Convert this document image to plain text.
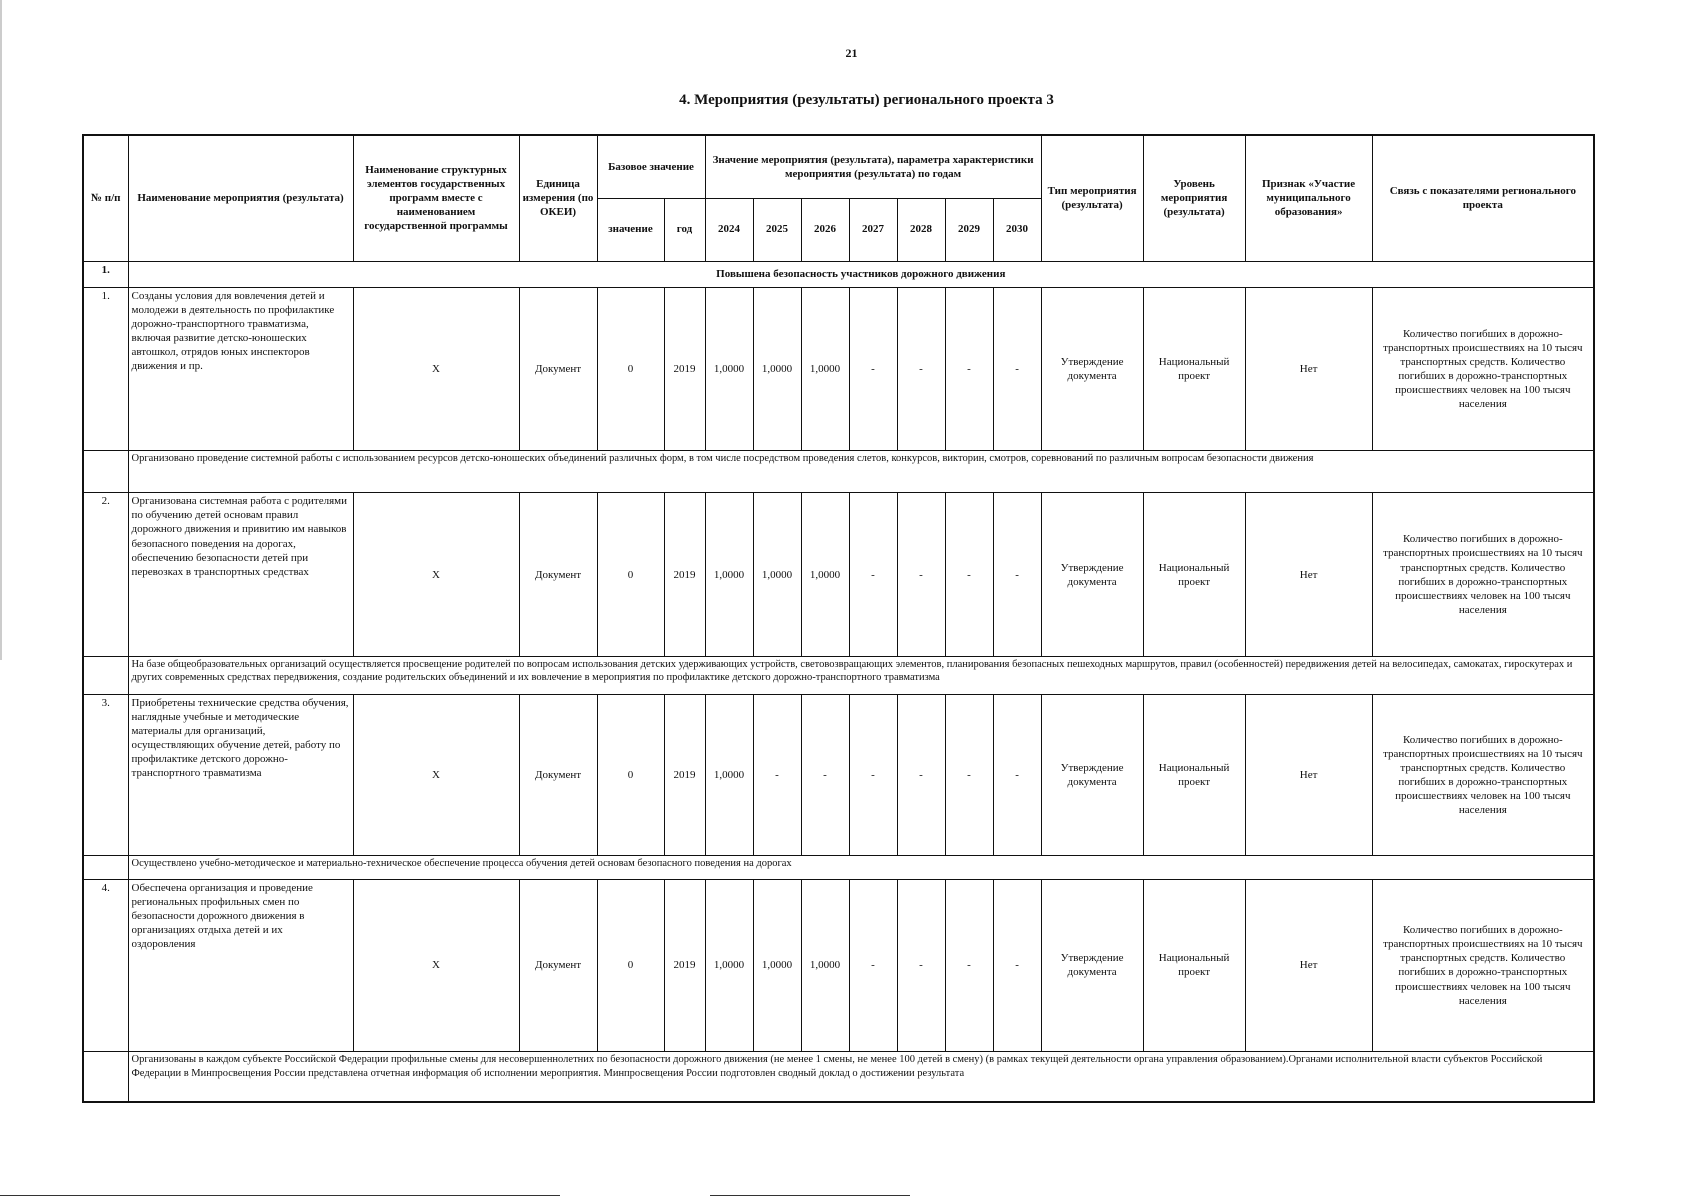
21
4. Мероприятия (результаты) регионального проекта 3
№ п/п	Наименование мероприятия (результата)	Наименование структурных элементов государственных программ вместе с наименованием государственной программы	Единица измерения (по ОКЕИ)	Базовое значение		Значение мероприятия (результата), параметра характеристики мероприятия (результата) по годам							Тип мероприятия (результата)	Уровень мероприятия (результата)	Признак «Участие муниципального образования»	Связь с показателями регионального проекта
				значение	год	2024	2025	2026	2027	2028	2029	2030				
1.	Повышена безопасность участников дорожного движения															
1.	Созданы условия для вовлечения детей и молодежи в деятельность по профилактике дорожно-транспортного травматизма, включая развитие детско-юношеских автошкол, отрядов юных инспекторов движения и пр.	X	Документ	0	2019	1,0000	1,0000	1,0000	-	-	-	-	Утверждение документа	Национальный проект	Нет	Количество погибших в дорожно-транспортных происшествиях на 10 тысяч транспортных средств. Количество погибших в дорожно-транспортных происшествиях человек на 100 тысяч населения
	Организовано проведение системной работы с использованием ресурсов детско-юношеских объединений различных форм, в том числе посредством проведения слетов, конкурсов, викторин, смотров, соревнований по различным вопросам безопасности движения															
2.	Организована системная работа с родителями по обучению детей основам правил дорожного движения и привитию им навыков безопасного поведения на дорогах, обеспечению безопасности детей при перевозках в транспортных средствах	X	Документ	0	2019	1,0000	1,0000	1,0000	-	-	-	-	Утверждение документа	Национальный проект	Нет	Количество погибших в дорожно-транспортных происшествиях на 10 тысяч транспортных средств. Количество погибших в дорожно-транспортных происшествиях человек на 100 тысяч населения
	На базе общеобразовательных организаций осуществляется просвещение родителей по вопросам использования детских удерживающих устройств, световозвращающих элементов, планирования безопасных пешеходных маршрутов, правил (особенностей) передвижения детей на велосипедах, самокатах, гироскутерах и других современных средствах передвижения, создание родительских объединений и их вовлечение в мероприятия по профилактике детского дорожно-транспортного травматизма															
3.	Приобретены технические средства обучения, наглядные учебные и методические материалы для организаций, осуществляющих обучение детей, работу по профилактике детского дорожно-транспортного травматизма	X	Документ	0	2019	1,0000	-	-	-	-	-	-	Утверждение документа	Национальный проект	Нет	Количество погибших в дорожно-транспортных происшествиях на 10 тысяч транспортных средств. Количество погибших в дорожно-транспортных происшествиях человек на 100 тысяч населения
	Осуществлено учебно-методическое и материально-техническое обеспечение процесса обучения детей основам безопасного поведения на дорогах															
4.	Обеспечена организация и проведение региональных профильных смен по безопасности дорожного движения в организациях отдыха детей и их оздоровления	X	Документ	0	2019	1,0000	1,0000	1,0000	-	-	-	-	Утверждение документа	Национальный проект	Нет	Количество погибших в дорожно-транспортных происшествиях на 10 тысяч транспортных средств. Количество погибших в дорожно-транспортных происшествиях человек на 100 тысяч населения
	Организованы в каждом субъекте Российской Федерации профильные смены для несовершеннолетних по безопасности дорожного движения (не менее 1 смены, не менее 100 детей в смену) (в рамках текущей деятельности органа управления образованием).Органами исполнительной власти субъектов Российской Федерации в Минпросвещения России представлена отчетная информация об исполнении мероприятия. Минпросвещения России подготовлен сводный доклад о достижении результата															
